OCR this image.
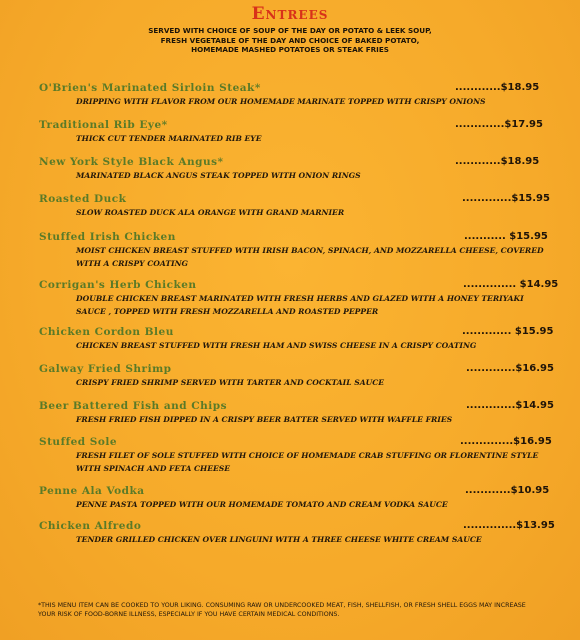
Entrees
SERVED WITH CHOICE OF SOUP OF THE DAY OR POTATO & LEEK SOUP,
FRESH VEGETABLE OF THE DAY AND CHOICE OF BAKED POTATO,
HOMEMADE MASHED POTATOES OR STEAK FRIES
O'Brien's Marinated Sirloin Steak*	............$18.95
DRIPPING WITH FLAVOR FROM OUR HOMEMADE MARINATE TOPPED WITH CRISPY ONIONS
Traditional Rib Eye*	.............$17.95
THICK CUT TENDER MARINATED RIB EYE
New York Style Black Angus*	............$18.95
MARINATED BLACK ANGUS STEAK TOPPED WITH ONION RINGS
Roasted Duck	.............$15.95
SLOW ROASTED DUCK ALA ORANGE WITH GRAND MARNIER
Stuffed Irish Chicken	........... $15.95
MOIST CHICKEN BREAST STUFFED WITH IRISH BACON, SPINACH, AND MOZZARELLA CHEESE, COVERED WITH A CRISPY COATING
Corrigan's Herb Chicken	.............. $14.95
DOUBLE CHICKEN BREAST MARINATED WITH FRESH HERBS AND GLAZED WITH A HONEY TERIYAKI SAUCE , TOPPED WITH FRESH MOZZARELLA AND ROASTED PEPPER
Chicken Cordon Bleu	............. $15.95
CHICKEN BREAST STUFFED WITH FRESH HAM AND SWISS CHEESE IN A CRISPY COATING
Galway Fried Shrimp	.............$16.95
CRISPY FRIED SHRIMP SERVED WITH TARTER AND COCKTAIL SAUCE
Beer Battered Fish and Chips	.............$14.95
FRESH FRIED FISH DIPPED IN A CRISPY BEER BATTER SERVED WITH WAFFLE FRIES
Stuffed Sole	..............$16.95
FRESH FILET OF SOLE STUFFED WITH CHOICE OF HOMEMADE CRAB STUFFING OR FLORENTINE STYLE WITH SPINACH AND FETA CHEESE
Penne Ala Vodka	............$10.95
PENNE PASTA TOPPED WITH OUR HOMEMADE TOMATO AND CREAM VODKA SAUCE
Chicken Alfredo	..............$13.95
TENDER GRILLED CHICKEN OVER LINGUINI WITH A THREE CHEESE WHITE CREAM SAUCE
*THIS MENU ITEM CAN BE COOKED TO YOUR LIKING. CONSUMING RAW OR UNDERCOOKED MEAT, FISH, SHELLFISH, OR FRESH SHELL EGGS MAY INCREASE YOUR RISK OF FOOD-BORNE ILLNESS, ESPECIALLY IF YOU HAVE CERTAIN MEDICAL CONDITIONS.
